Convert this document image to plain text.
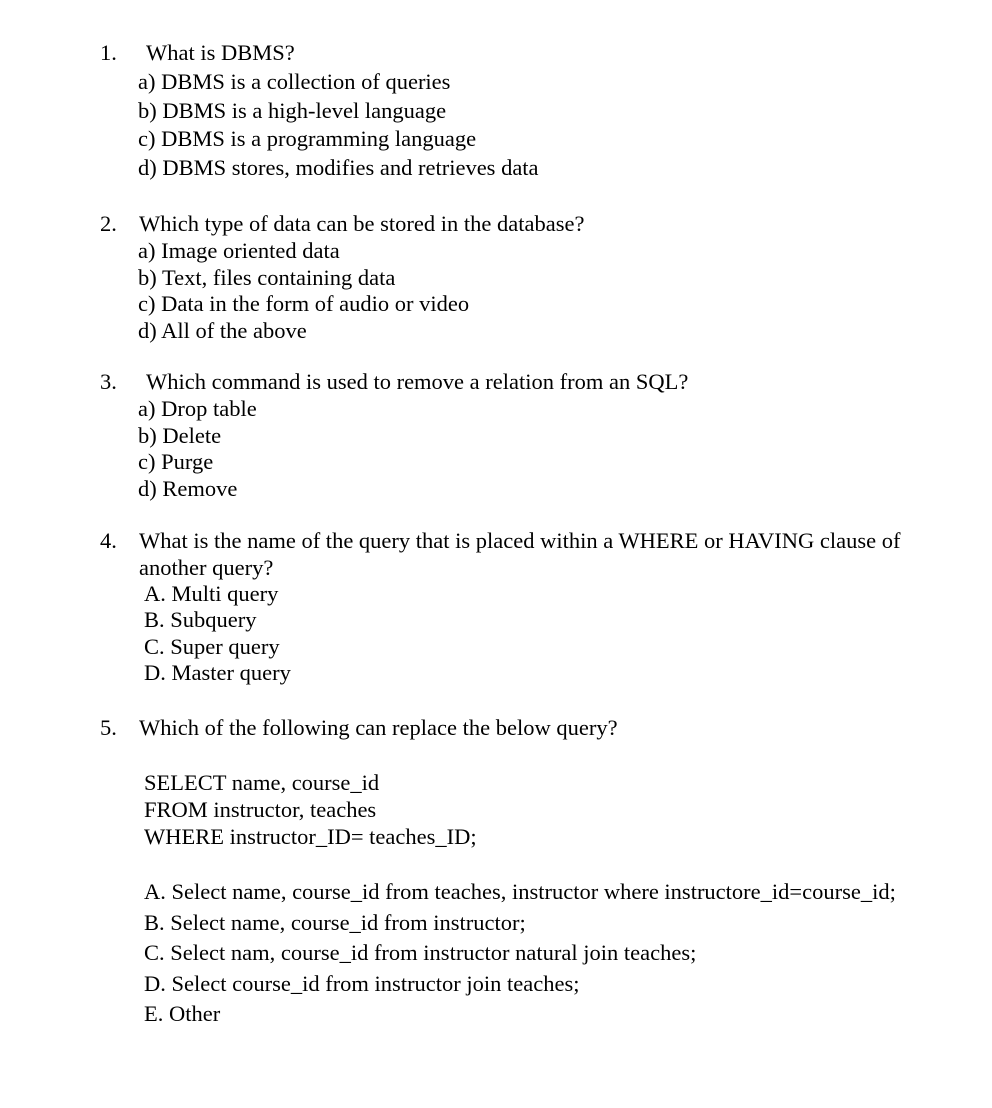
1. What is DBMS?
a) DBMS is a collection of queries
b) DBMS is a high-level language
c) DBMS is a programming language
d) DBMS stores, modifies and retrieves data
2. Which type of data can be stored in the database?
a) Image oriented data
b) Text, files containing data
c) Data in the form of audio or video
d) All of the above
3. Which command is used to remove a relation from an SQL?
a) Drop table
b) Delete
c) Purge
d) Remove
4. What is the name of the query that is placed within a WHERE or HAVING clause of another query?
A. Multi query
B. Subquery
C. Super query
D. Master query
5. Which of the following can replace the below query?
SELECT name, course_id
FROM instructor, teaches
WHERE instructor_ID= teaches_ID;
A. Select name, course_id from teaches, instructor where instructore_id=course_id;
B. Select name, course_id from instructor;
C. Select nam, course_id from instructor natural join teaches;
D. Select course_id from instructor join teaches;
E. Other
